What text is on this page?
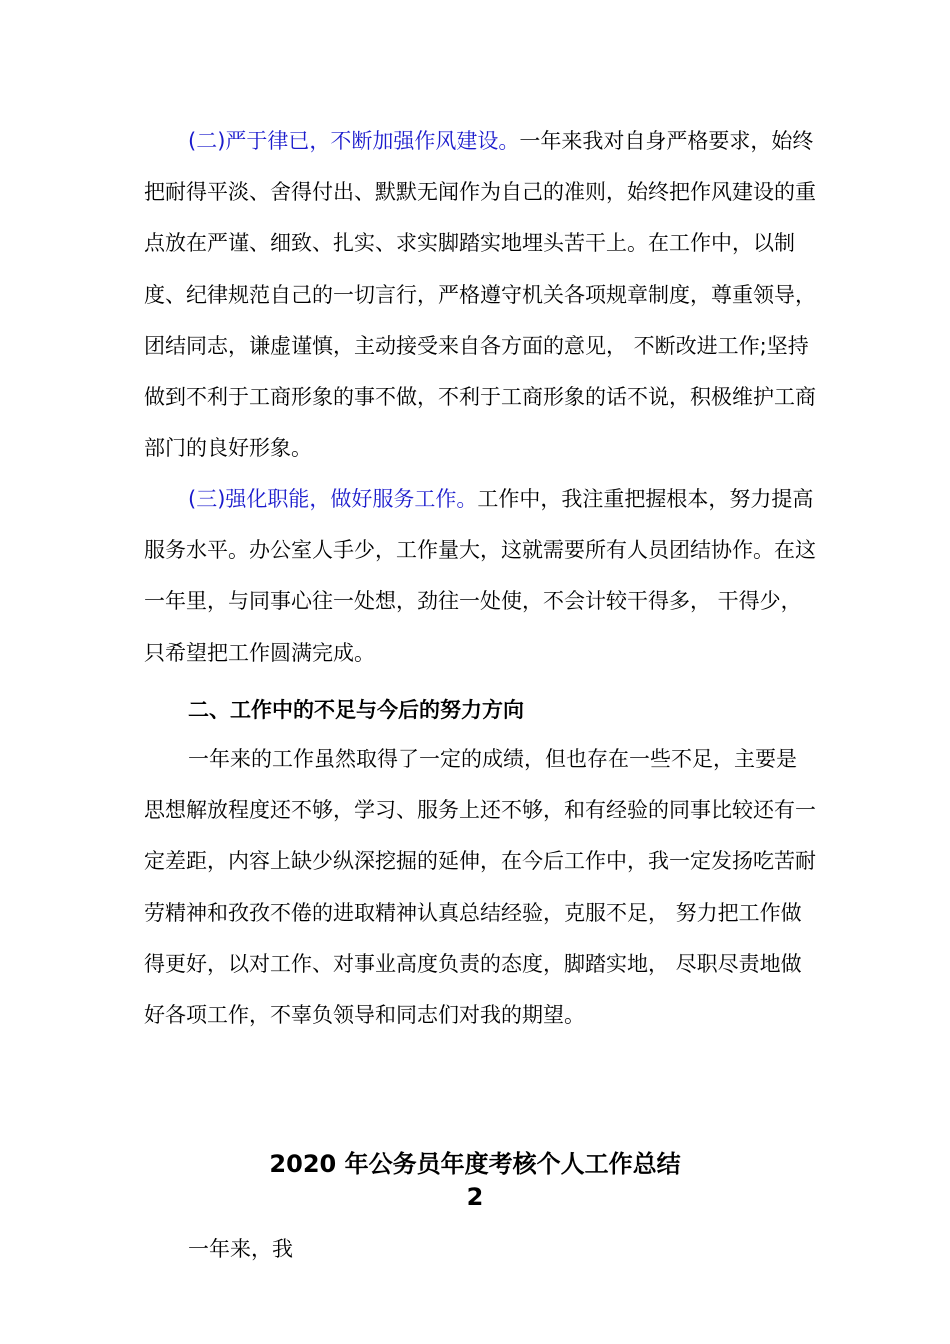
(二)严于律已，不断加强作风建设。一年来我对自身严格要求，始终把耐得平淡、舍得付出、默默无闻作为自己的准则，始终把作风建设的重点放在严谨、细致、扎实、求实脚踏实地埋头苦干上。在工作中，以制度、纪律规范自己的一切言行，严格遵守机关各项规章制度，尊重领导，团结同志，谦虚谨慎，主动接受来自各方面的意见， 不断改进工作;坚持做到不利于工商形象的事不做，不利于工商形象的话不说，积极维护工商部门的良好形象。

(三)强化职能，做好服务工作。工作中，我注重把握根本，努力提高服务水平。办公室人手少，工作量大，这就需要所有人员团结协作。在这一年里，与同事心往一处想，劲往一处使，不会计较干得多， 干得少，只希望把工作圆满完成。

二、工作中的不足与今后的努力方向

一年来的工作虽然取得了一定的成绩，但也存在一些不足，主要是思想解放程度还不够，学习、服务上还不够，和有经验的同事比较还有一定差距，内容上缺少纵深挖掘的延伸，在今后工作中，我一定发扬吃苦耐劳精神和孜孜不倦的进取精神认真总结经验，克服不足， 努力把工作做得更好，以对工作、对事业高度负责的态度，脚踏实地， 尽职尽责地做好各项工作，不辜负领导和同志们对我的期望。

2020 年公务员年度考核个人工作总结
2

一年来，我
